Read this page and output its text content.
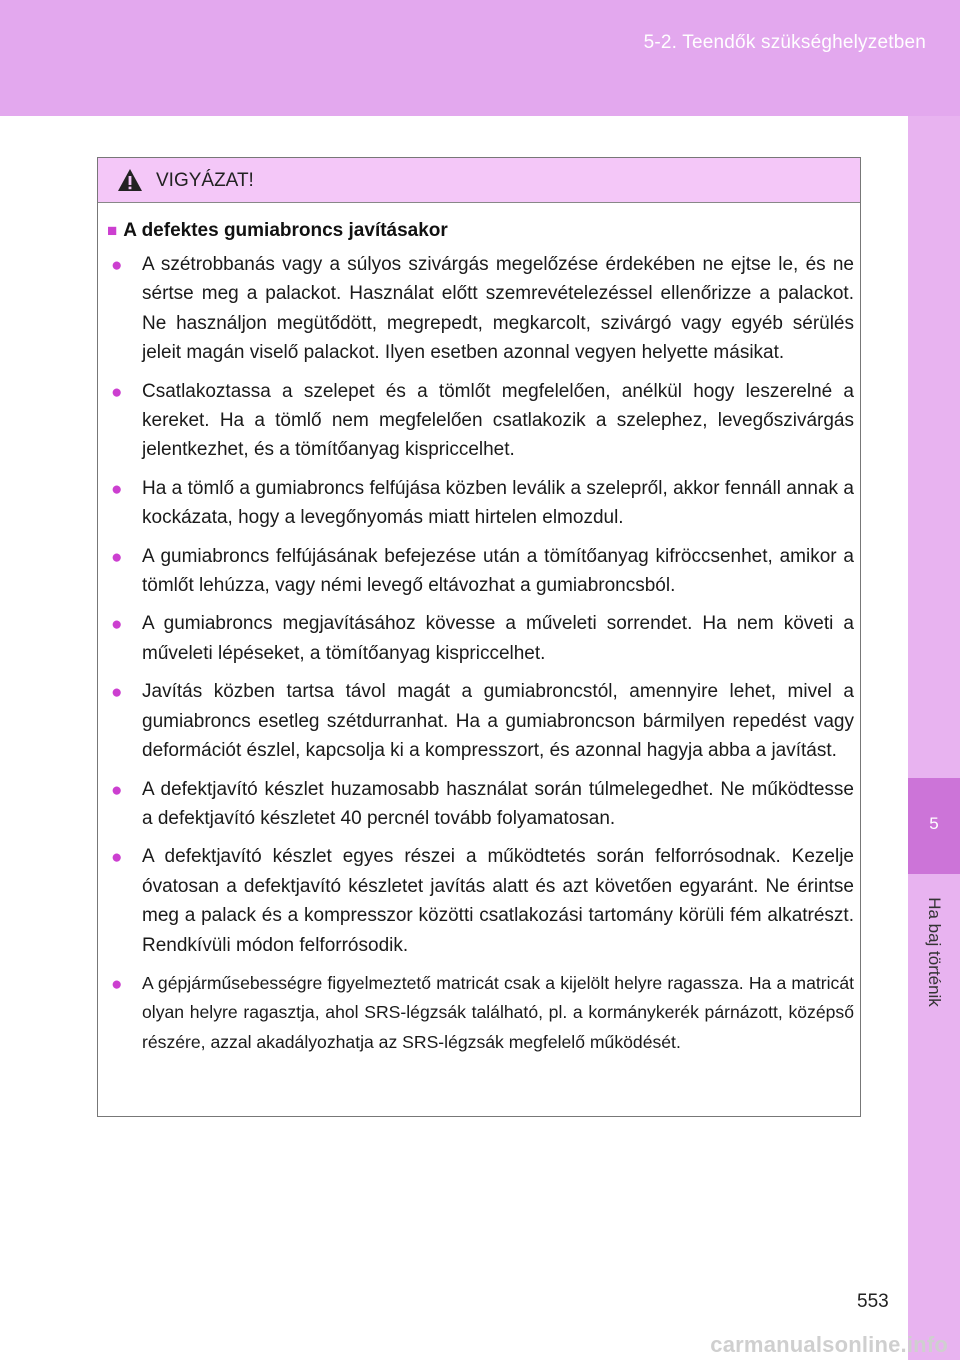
5-2. Teendők szükséghelyzetben
5
Ha baj történik
VIGYÁZAT!
■ A defektes gumiabroncs javításakor
● A szétrobbanás vagy a súlyos szivárgás megelőzése érdekében ne ejtse le, és ne sértse meg a palackot. Használat előtt szemrevételezéssel ellenőrizze a palackot. Ne használjon megütődött, megrepedt, megkarcolt, szivárgó vagy egyéb sérülés jeleit magán viselő palackot. Ilyen esetben azonnal vegyen helyette másikat.
● Csatlakoztassa a szelepet és a tömlőt megfelelően, anélkül hogy leszerelné a kereket. Ha a tömlő nem megfelelően csatlakozik a szelephez, levegőszivárgás jelentkezhet, és a tömítőanyag kispriccelhet.
● Ha a tömlő a gumiabroncs felfújása közben leválik a szelepről, akkor fennáll annak a kockázata, hogy a levegőnyomás miatt hirtelen elmozdul.
● A gumiabroncs felfújásának befejezése után a tömítőanyag kifröccsenhet, amikor a tömlőt lehúzza, vagy némi levegő eltávozhat a gumiabroncsból.
● A gumiabroncs megjavításához kövesse a műveleti sorrendet. Ha nem követi a műveleti lépéseket, a tömítőanyag kispriccelhet.
● Javítás közben tartsa távol magát a gumiabroncstól, amennyire lehet, mivel a gumiabroncs esetleg szétdurranhat. Ha a gumiabroncson bármilyen repedést vagy deformációt észlel, kapcsolja ki a kompresszort, és azonnal hagyja abba a javítást.
● A defektjavító készlet huzamosabb használat során túlmelegedhet. Ne működtesse a defektjavító készletet 40 percnél tovább folyamatosan.
● A defektjavító készlet egyes részei a működtetés során felforrósodnak. Kezelje óvatosan a defektjavító készletet javítás alatt és azt követően egyaránt. Ne érintse meg a palack és a kompresszor közötti csatlakozási tartomány körüli fém alkatrészt. Rendkívüli módon felforrósodik.
● A gépjárműsebességre figyelmeztető matricát csak a kijelölt helyre ragassza. Ha a matricát olyan helyre ragasztja, ahol SRS-légzsák található, pl. a kormánykerék párnázott, középső részére, azzal akadályozhatja az SRS-légzsák megfelelő működését.
553
carmanualsonline.info
